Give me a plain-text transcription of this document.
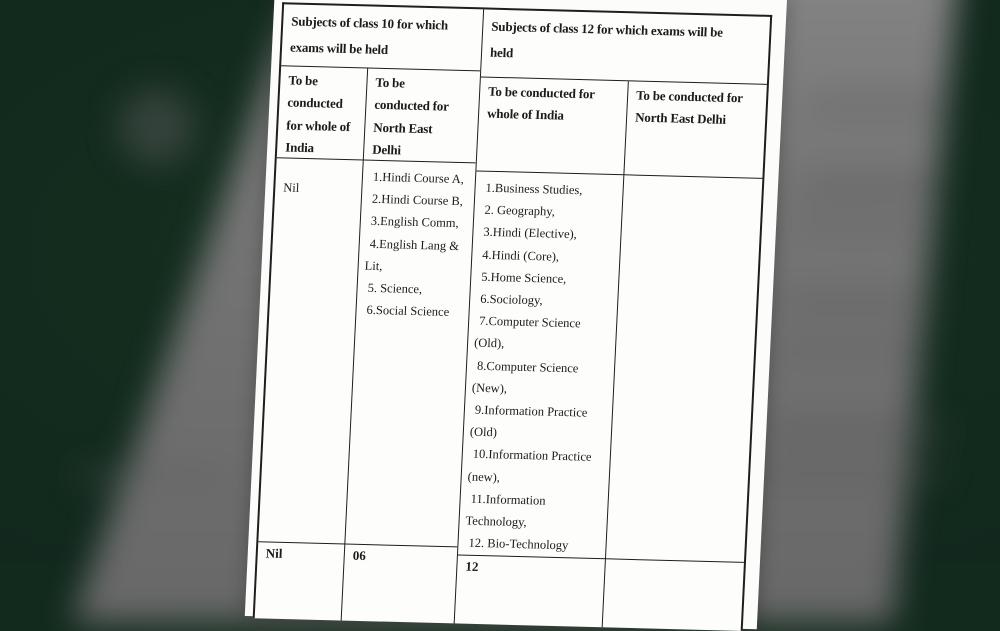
Subjects of class 10 for which
exams will be held
To be
conducted
for whole of
India
To be
conducted for
North East
Delhi
Nil
1.Hindi Course A,
2.Hindi Course B,
3.English Comm,
4.English Lang &
Lit,
5. Science,
6.Social Science
Nil	06
Subjects of class 12 for which exams will be
held
To be conducted for
whole of India
To be conducted for
North East Delhi
1.Business Studies,
2. Geography,
3.Hindi (Elective),
4.Hindi (Core),
5.Home Science,
6.Sociology,
7.Computer Science
(Old),
8.Computer Science
(New),
9.Information Practice
(Old)
10.Information Practice
(new),
11.Information
Technology,
12. Bio-Technology
12
